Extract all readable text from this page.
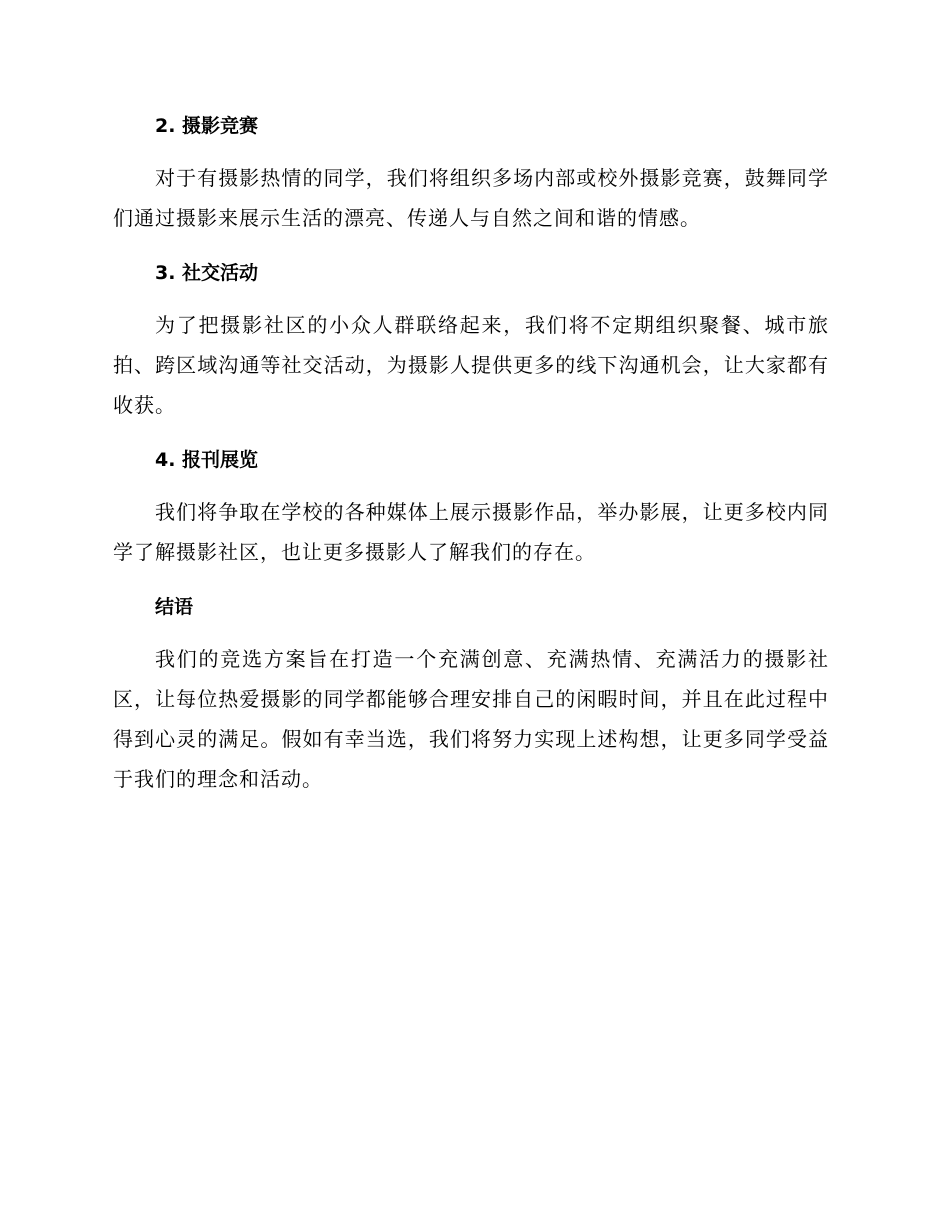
2. 摄影竞赛

对于有摄影热情的同学，我们将组织多场内部或校外摄影竞赛，鼓舞同学们通过摄影来展示生活的漂亮、传递人与自然之间和谐的情感。

3. 社交活动

为了把摄影社区的小众人群联络起来，我们将不定期组织聚餐、城市旅拍、跨区域沟通等社交活动，为摄影人提供更多的线下沟通机会，让大家都有收获。

4. 报刊展览

我们将争取在学校的各种媒体上展示摄影作品，举办影展，让更多校内同学了解摄影社区，也让更多摄影人了解我们的存在。

结语

我们的竞选方案旨在打造一个充满创意、充满热情、充满活力的摄影社区，让每位热爱摄影的同学都能够合理安排自己的闲暇时间，并且在此过程中得到心灵的满足。假如有幸当选，我们将努力实现上述构想，让更多同学受益于我们的理念和活动。
